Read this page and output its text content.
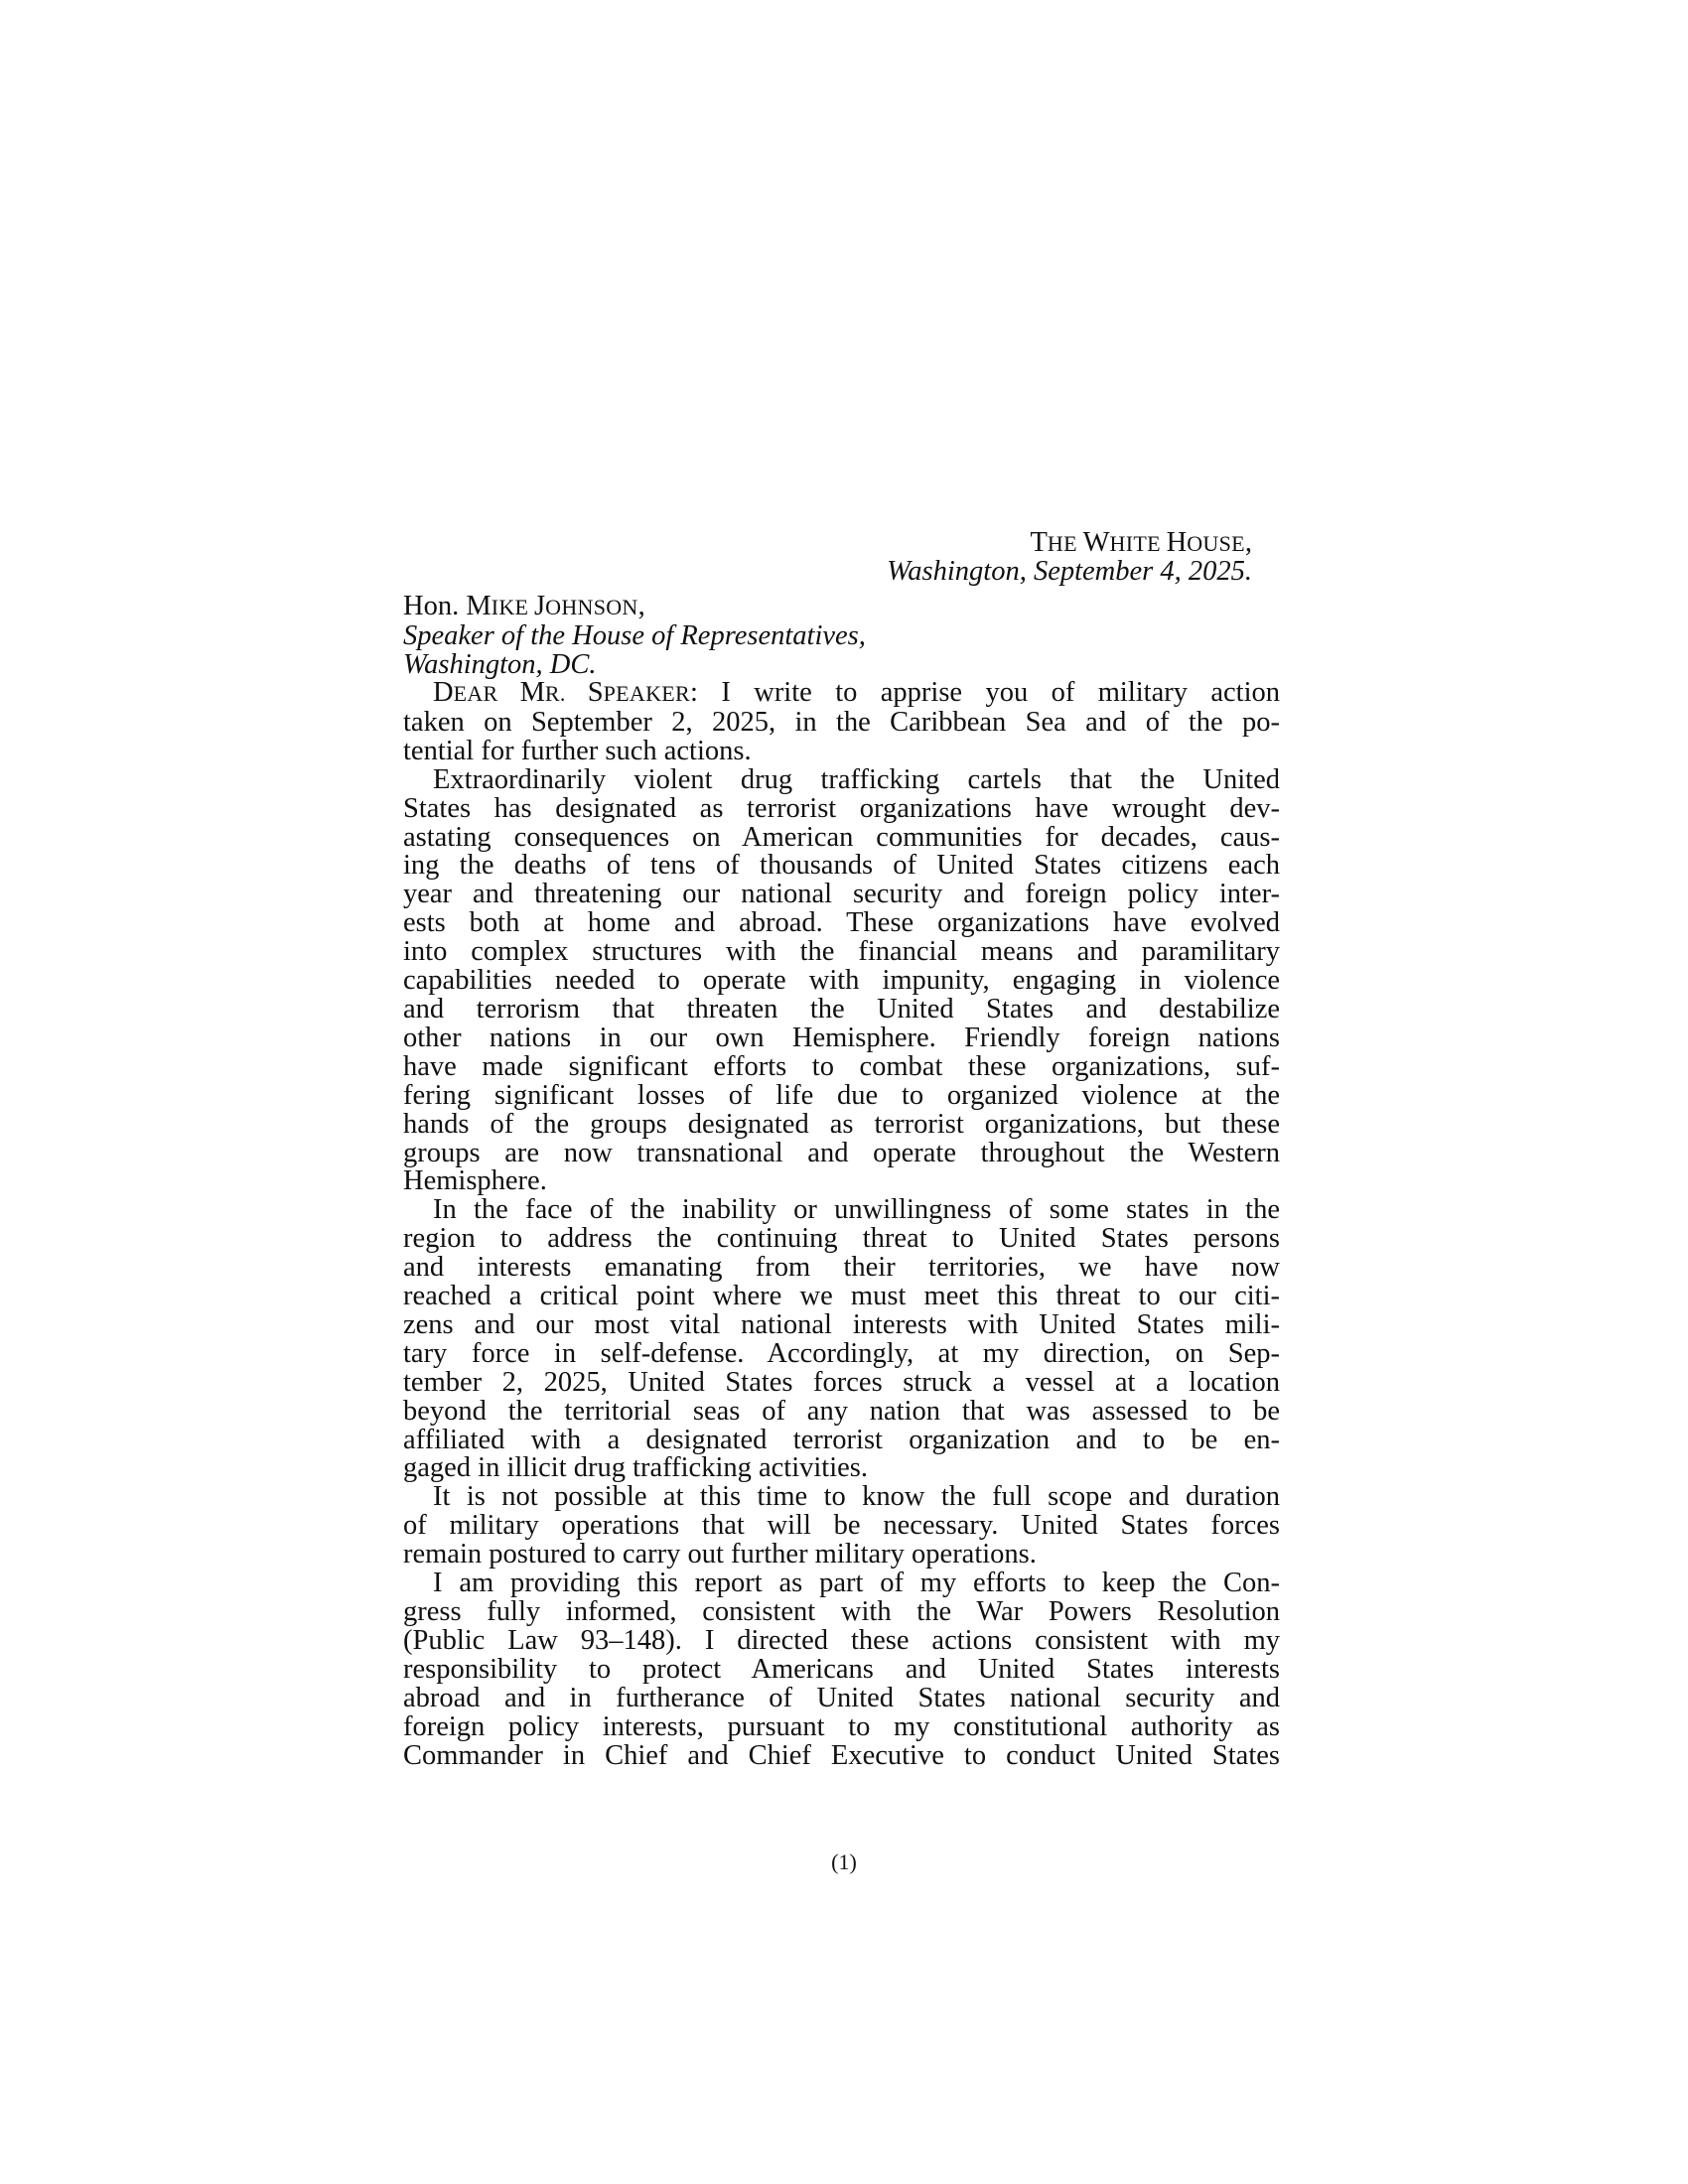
THE WHITE HOUSE,
Washington, September 4, 2025.
Hon. MIKE JOHNSON,
Speaker of the House of Representatives,
Washington, DC.
DEAR MR. SPEAKER: I write to apprise you of military action
taken on September 2, 2025, in the Caribbean Sea and of the po-
tential for further such actions.
Extraordinarily violent drug trafficking cartels that the United
States has designated as terrorist organizations have wrought dev-
astating consequences on American communities for decades, caus-
ing the deaths of tens of thousands of United States citizens each
year and threatening our national security and foreign policy inter-
ests both at home and abroad. These organizations have evolved
into complex structures with the financial means and paramilitary
capabilities needed to operate with impunity, engaging in violence
and terrorism that threaten the United States and destabilize
other nations in our own Hemisphere. Friendly foreign nations
have made significant efforts to combat these organizations, suf-
fering significant losses of life due to organized violence at the
hands of the groups designated as terrorist organizations, but these
groups are now transnational and operate throughout the Western
Hemisphere.
In the face of the inability or unwillingness of some states in the
region to address the continuing threat to United States persons
and interests emanating from their territories, we have now
reached a critical point where we must meet this threat to our citi-
zens and our most vital national interests with United States mili-
tary force in self-defense. Accordingly, at my direction, on Sep-
tember 2, 2025, United States forces struck a vessel at a location
beyond the territorial seas of any nation that was assessed to be
affiliated with a designated terrorist organization and to be en-
gaged in illicit drug trafficking activities.
It is not possible at this time to know the full scope and duration
of military operations that will be necessary. United States forces
remain postured to carry out further military operations.
I am providing this report as part of my efforts to keep the Con-
gress fully informed, consistent with the War Powers Resolution
(Public Law 93–148). I directed these actions consistent with my
responsibility to protect Americans and United States interests
abroad and in furtherance of United States national security and
foreign policy interests, pursuant to my constitutional authority as
Commander in Chief and Chief Executive to conduct United States
(1)
